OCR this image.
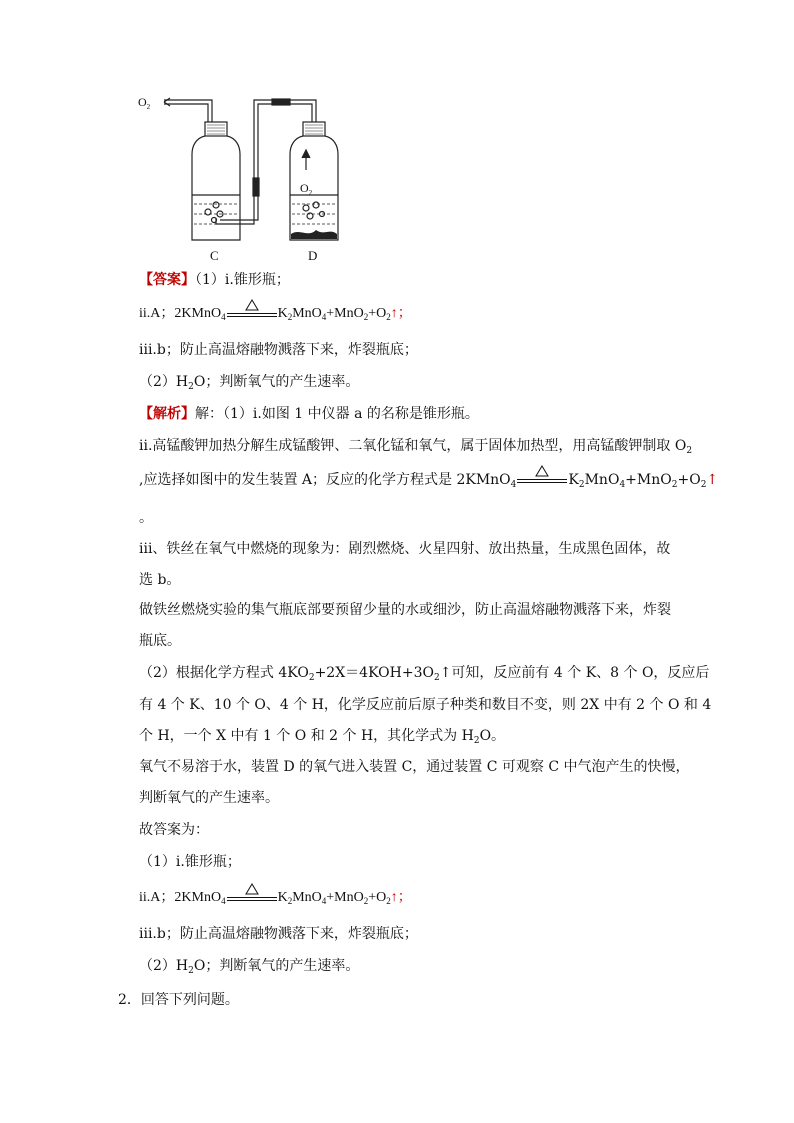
$O_2$
$O_2$
C	D
【答案】（1）i.锥形瓶；
ii.A；2KMnO$_4$	$K_2MnO_4+MnO_2+O_2↑$；
iii.b；防止高温熔融物溅落下来，炸裂瓶底；
$(2)H_2O$；判断氧气的产生速率。
【解析】解：（1）i.如图 1 中仪器 a 的名称是锥形瓶。
ii.高锰酸钾加热分解生成锰酸钾、二氧化锰和氧气，属于固体加热型，用高锰酸钾制取 $O_2$
,应选择如图中的发生装置 A；反应的化学方程式是 2KMnO$_4$	$K_2MnO_4+MnO_2+O_2↑$
。
iii、铁丝在氧气中燃烧的现象为：剧烈燃烧、火星四射、放出热量，生成黑色固体，故
选 b。
做铁丝燃烧实验的集气瓶底部要预留少量的水或细沙，防止高温熔融物溅落下来，炸裂
瓶底。
（2）根据化学方程式 $4KO_2+2X=4KOH+3O_2↑$可知，反应前有 4 个 K、8 个 O，反应后
有 4 个 K、10 个 O、4 个 H，化学反应前后原子种类和数目不变，则 2X 中有 2 个 O 和 4
个 H，一个 X 中有 1 个 O 和 2 个 H，其化学式为 $H_2O$。
氧气不易溶于水，装置 D 的氧气进入装置 C，通过装置 C 可观察 C 中气泡产生的快慢，
判断氧气的产生速率。
故答案为：
（1）i.锥形瓶；
ii.A；2KMnO$_4$	$K_2MnO_4+MnO_2+O_2↑$；
iii.b；防止高温熔融物溅落下来，炸裂瓶底；
$(2)H_2O$；判断氧气的产生速率。
2．回答下列问题。
